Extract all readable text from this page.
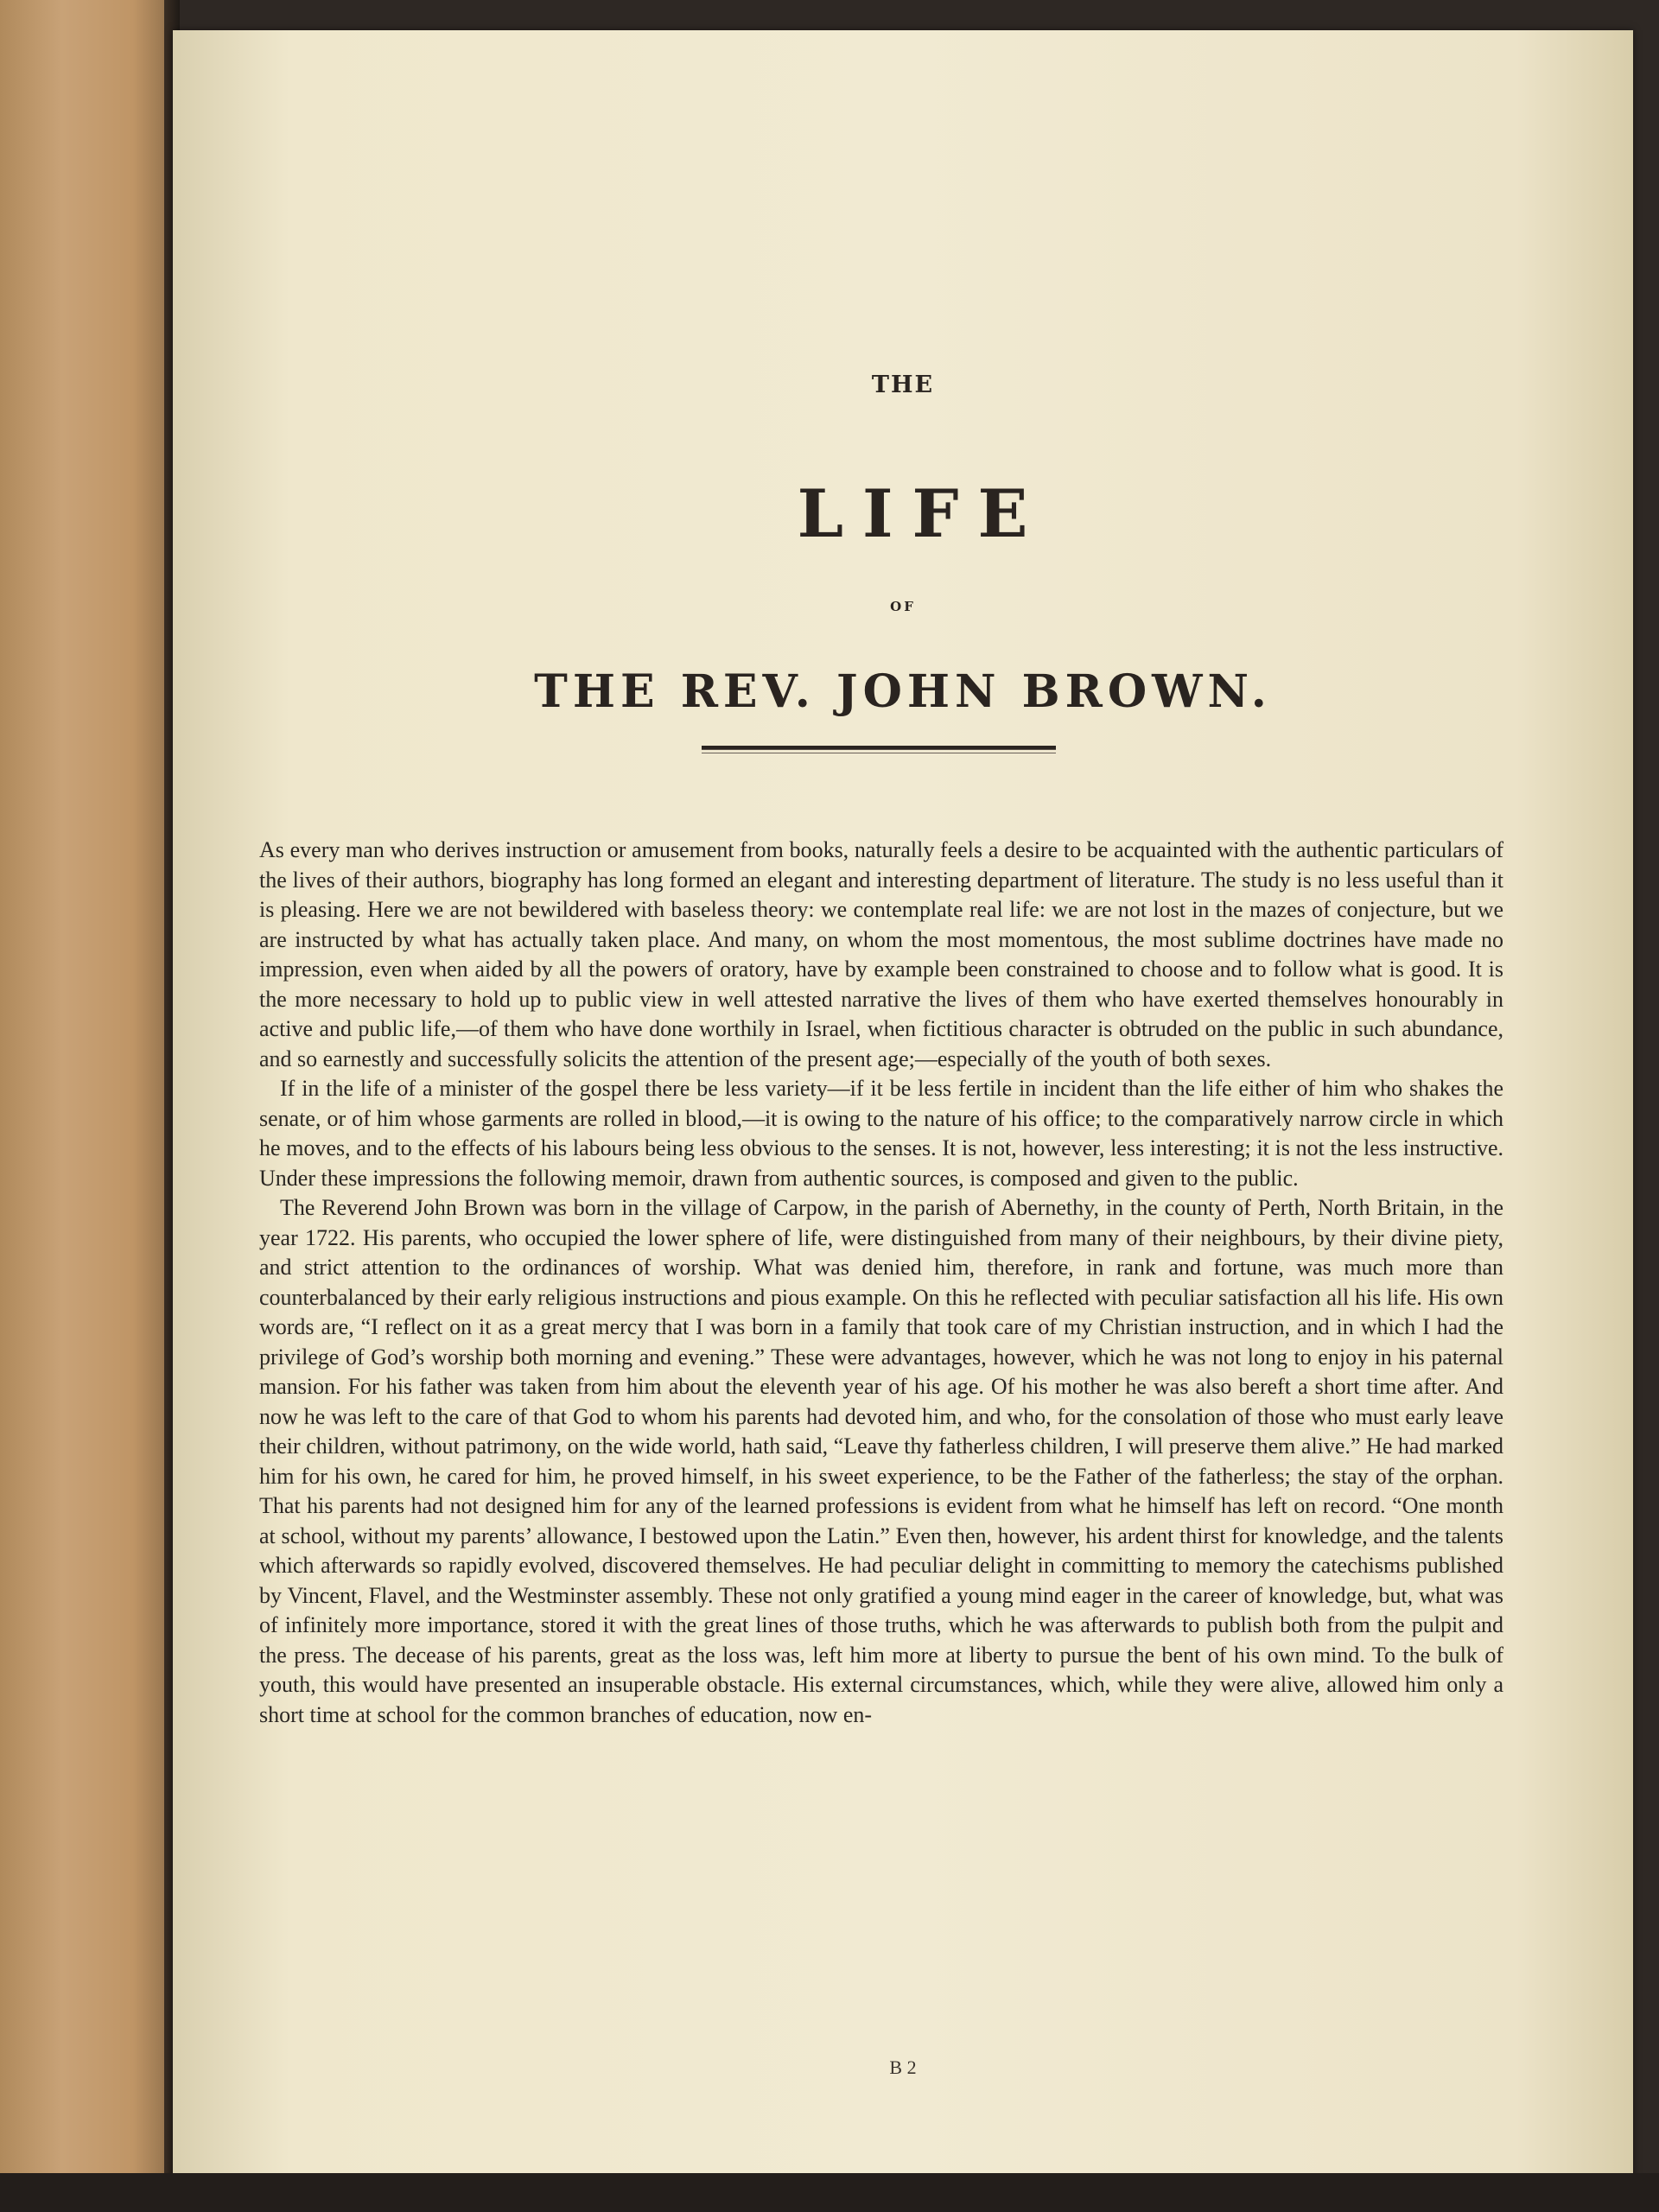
THE
LIFE
OF
THE REV. JOHN BROWN.

As every man who derives instruction or amusement from books, naturally feels a desire to be acquainted with the authentic particulars of the lives of their authors, biography has long formed an elegant and interesting department of literature. The study is no less useful than it is pleasing. Here we are not bewildered with baseless theory: we contemplate real life: we are not lost in the mazes of conjecture, but we are instructed by what has actually taken place. And many, on whom the most momentous, the most sublime doctrines have made no impression, even when aided by all the powers of oratory, have by example been constrained to choose and to follow what is good. It is the more necessary to hold up to public view in well attested narrative the lives of them who have exerted themselves honourably in active and public life,—of them who have done worthily in Israel, when fictitious character is obtruded on the public in such abundance, and so earnestly and successfully solicits the attention of the present age;—especially of the youth of both sexes.

If in the life of a minister of the gospel there be less variety—if it be less fertile in incident than the life either of him who shakes the senate, or of him whose garments are rolled in blood,—it is owing to the nature of his office; to the comparatively narrow circle in which he moves, and to the effects of his labours being less obvious to the senses. It is not, however, less interesting; it is not the less instructive. Under these impressions the following memoir, drawn from authentic sources, is composed and given to the public.

The Reverend John Brown was born in the village of Carpow, in the parish of Abernethy, in the county of Perth, North Britain, in the year 1722. His parents, who occupied the lower sphere of life, were distinguished from many of their neighbours, by their divine piety, and strict attention to the ordinances of worship. What was denied him, therefore, in rank and fortune, was much more than counterbalanced by their early religious instructions and pious example. On this he reflected with peculiar satisfaction all his life. His own words are, “I reflect on it as a great mercy that I was born in a family that took care of my Christian instruction, and in which I had the privilege of God’s worship both morning and evening.” These were advantages, however, which he was not long to enjoy in his paternal mansion. For his father was taken from him about the eleventh year of his age. Of his mother he was also bereft a short time after. And now he was left to the care of that God to whom his parents had devoted him, and who, for the consolation of those who must early leave their children, without patrimony, on the wide world, hath said, “Leave thy fatherless children, I will preserve them alive.” He had marked him for his own, he cared for him, he proved himself, in his sweet experience, to be the Father of the fatherless; the stay of the orphan. That his parents had not designed him for any of the learned professions is evident from what he himself has left on record. “One month at school, without my parents’ allowance, I bestowed upon the Latin.” Even then, however, his ardent thirst for knowledge, and the talents which afterwards so rapidly evolved, discovered themselves. He had peculiar delight in committing to memory the catechisms published by Vincent, Flavel, and the Westminster assembly. These not only gratified a young mind eager in the career of knowledge, but, what was of infinitely more importance, stored it with the great lines of those truths, which he was afterwards to publish both from the pulpit and the press. The decease of his parents, great as the loss was, left him more at liberty to pursue the bent of his own mind. To the bulk of youth, this would have presented an insuperable obstacle. His external circumstances, which, while they were alive, allowed him only a short time at school for the common branches of education, now en-

B 2
